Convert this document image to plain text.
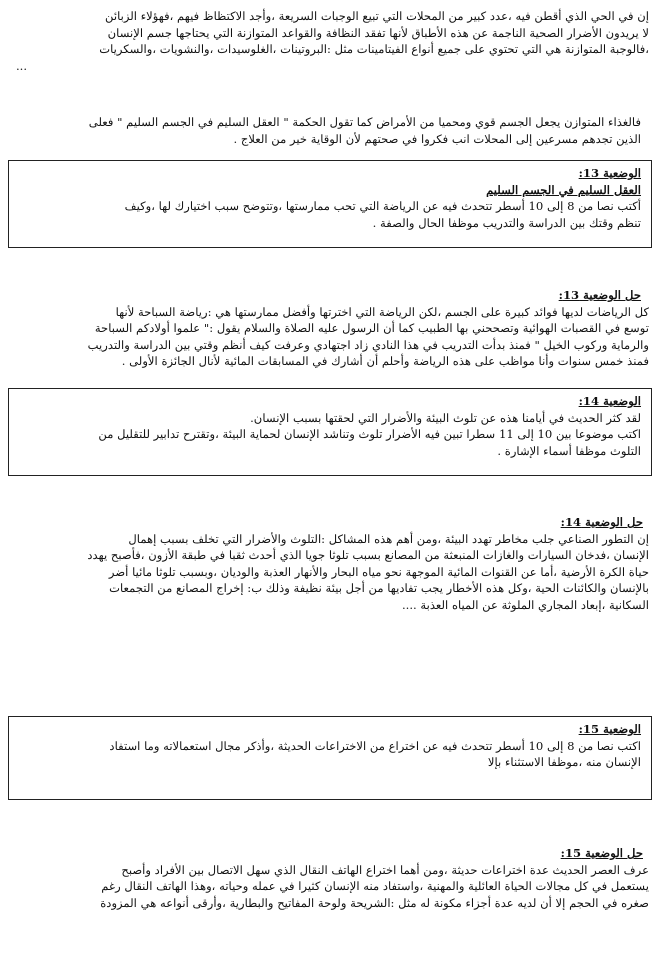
إن في الحي الذي أقطن فيه ،عدد كبير من المحلات التي تبيع الوجبات السريعة ،وأجد الاكتظاظ فيهم ،فهؤلاء الزبائن
لا يريدون الأضرار الصحية الناجمة عن هذه الأطباق لأنها تفقد النظافة والقواعد المتوازنة التي يحتاجها جسم الإنسان
،فالوجبة المتوازنة هي التي تحتوي على جميع أنواع الفيتامينات مثل :البروتينات ،الغلوسيدات ،والنشويات ،والسكريات
...
فالغذاء المتوازن يجعل الجسم قوي ومحميا من الأمراض كما تقول الحكمة " العقل السليم في الجسم السليم " فعلى
الذين تجدهم مسرعين إلى المحلات انب فكروا في صحتهم لأن الوقاية خير من العلاج .
الوضعية 13:
العقل السليم في الجسم السليم
أكتب نصا من 8 إلى 10 أسطر تتحدث فيه عن الرياضة التي تحب ممارستها ،وتتوضح سبب اختيارك لها ،وكيف
تنظم وقتك بين الدراسة والتدريب موظفا الحال والصفة .
حل الوضعية 13:
كل الرياضات لديها فوائد كبيرة على الجسم ،لكن الرياضة التي اخترتها وأفضل ممارستها هي :رياضة السباحة لأنها
توسع في القصبات الهوائية وتصححني بها الطبيب كما أن الرسول عليه الصلاة والسلام يقول :" علموا أولادكم السباحة
والرماية وركوب الخيل " فمنذ بدأت التدريب في هذا النادي زاد اجتهادي وعرفت كيف أنظم وقتي بين الدراسة والتدريب
فمنذ خمس سنوات وأنا مواظب على هذه الرياضة وأحلم أن أشارك في المسابقات المائية لأنال الجائزة الأولى .
الوضعية 14:
لقد كثر الحديث في أيامنا هذه عن تلوث البيئة والأضرار التي لحقتها بسبب الإنسان.
اكتب موضوعا بين 10 إلى 11 سطرا تبين فيه الأضرار تلوث وتناشد الإنسان لحماية البيئة ،وتقترح تدابير للتقليل من
التلوث موظفا أسماء الإشارة .
حل الوضعية 14:
إن التطور الصناعي جلب مخاطر تهدد البيئة ،ومن أهم هذه المشاكل :التلوث والأضرار التي تخلف بسبب إهمال
الإنسان ،فدخان السيارات والغازات المنبعثة من المصانع بسبب تلوثا جويا الذي أحدث ثقبا في طبقة الأزون ،فأصبح يهدد
حياة الكرة الأرضية ،أما عن القنوات المائية الموجهة نحو مياه البحار والأنهار العذبة والوديان ،وبسبب تلوثا مائيا أضر
بالإنسان والكائنات الحية ،وكل هذه الأخطار يجب تفاديها من أجل بيئة نظيفة وذلك ب: إخراج المصانع من التجمعات
السكانية ،إبعاد المجاري الملوثة عن المياه العذبة ....
الوضعية 15:
اكتب نصا من 8 إلى 10 أسطر تتحدث فيه عن اختراع من الاختراعات الحديثة ،وأذكر مجال استعمالاته وما استفاد
الإنسان منه ،موظفا الاستثناء بإلا
حل الوضعية 15:
عرف العصر الحديث عدة اختراعات حديثة ،ومن أهما اختراع الهاتف النقال الذي سهل الاتصال بين الأفراد وأصبح
يستعمل في كل مجالات الحياة العائلية والمهنية ،واستفاد منه الإنسان كثيرا في عمله وحياته ،وهذا الهاتف النقال رغم
صغره في الحجم إلا أن لديه عدة أجزاء مكونة له مثل :الشريحة ولوحة المفاتيح والبطارية ،وأرقى أنواعه هي المزودة
